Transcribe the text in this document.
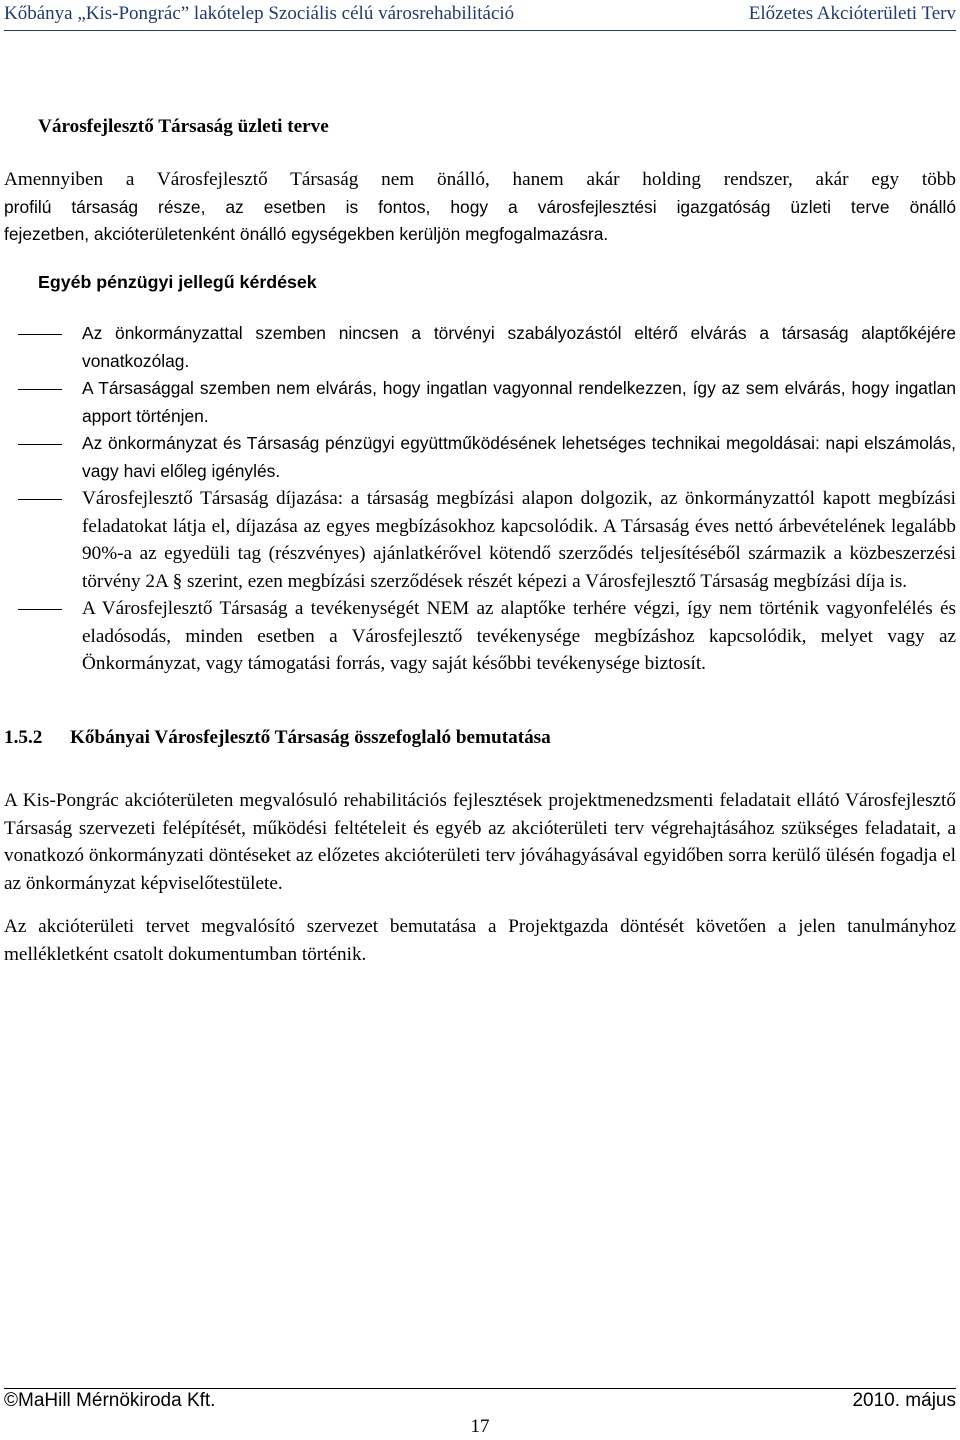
Kőbánya „Kis-Pongrác” lakótelep Szociális célú városrehabilitáció	Előzetes Akcióterületi Terv
Városfejlesztő Társaság üzleti terve
Amennyiben a Városfejlesztő Társaság nem önálló, hanem akár holding rendszer, akár egy több
profilú társaság része, az esetben is fontos, hogy a városfejlesztési igazgatóság üzleti terve önálló
fejezetben, akcióterületenként önálló egységekben kerüljön megfogalmazásra.
Egyéb pénzügyi jellegű kérdések
Az önkormányzattal szemben nincsen a törvényi szabályozástól eltérő elvárás a társaság alaptőkéjére vonatkozólag.
A Társasággal szemben nem elvárás, hogy ingatlan vagyonnal rendelkezzen, így az sem elvárás, hogy ingatlan apport történjen.
Az önkormányzat és Társaság pénzügyi együttműködésének lehetséges technikai megoldásai: napi elszámolás, vagy havi előleg igénylés.
Városfejlesztő Társaság díjazása: a társaság megbízási alapon dolgozik, az önkormányzattól kapott megbízási feladatokat látja el, díjazása az egyes megbízásokhoz kapcsolódik. A Társaság éves nettó árbevételének legalább 90%-a az egyedüli tag (részvényes) ajánlatkérővel kötendő szerződés teljesítéséből származik a közbeszerzési törvény 2A § szerint, ezen megbízási szerződések részét képezi a Városfejlesztő Társaság megbízási díja is.
A Városfejlesztő Társaság a tevékenységét NEM az alaptőke terhére végzi, így nem történik vagyonfelélés és eladósodás, minden esetben a Városfejlesztő tevékenysége megbízáshoz kapcsolódik, melyet vagy az Önkormányzat, vagy támogatási forrás, vagy saját későbbi tevékenysége biztosít.
1.5.2	Kőbányai Városfejlesztő Társaság összefoglaló bemutatása

A Kis-Pongrác akcióterületen megvalósuló rehabilitációs fejlesztések projektmenedzsmenti feladatait ellátó Városfejlesztő Társaság szervezeti felépítését, működési feltételeit és egyéb az akcióterületi terv végrehajtásához szükséges feladatait, a vonatkozó önkormányzati döntéseket az előzetes akcióterületi terv jóváhagyásával egyidőben sorra kerülő ülésén fogadja el az önkormányzat képviselőtestülete.

Az akcióterületi tervet megvalósító szervezet bemutatása a Projektgazda döntését követően a jelen tanulmányhoz mellékletként csatolt dokumentumban történik.

©MaHill Mérnökiroda Kft.	2010. május
17
